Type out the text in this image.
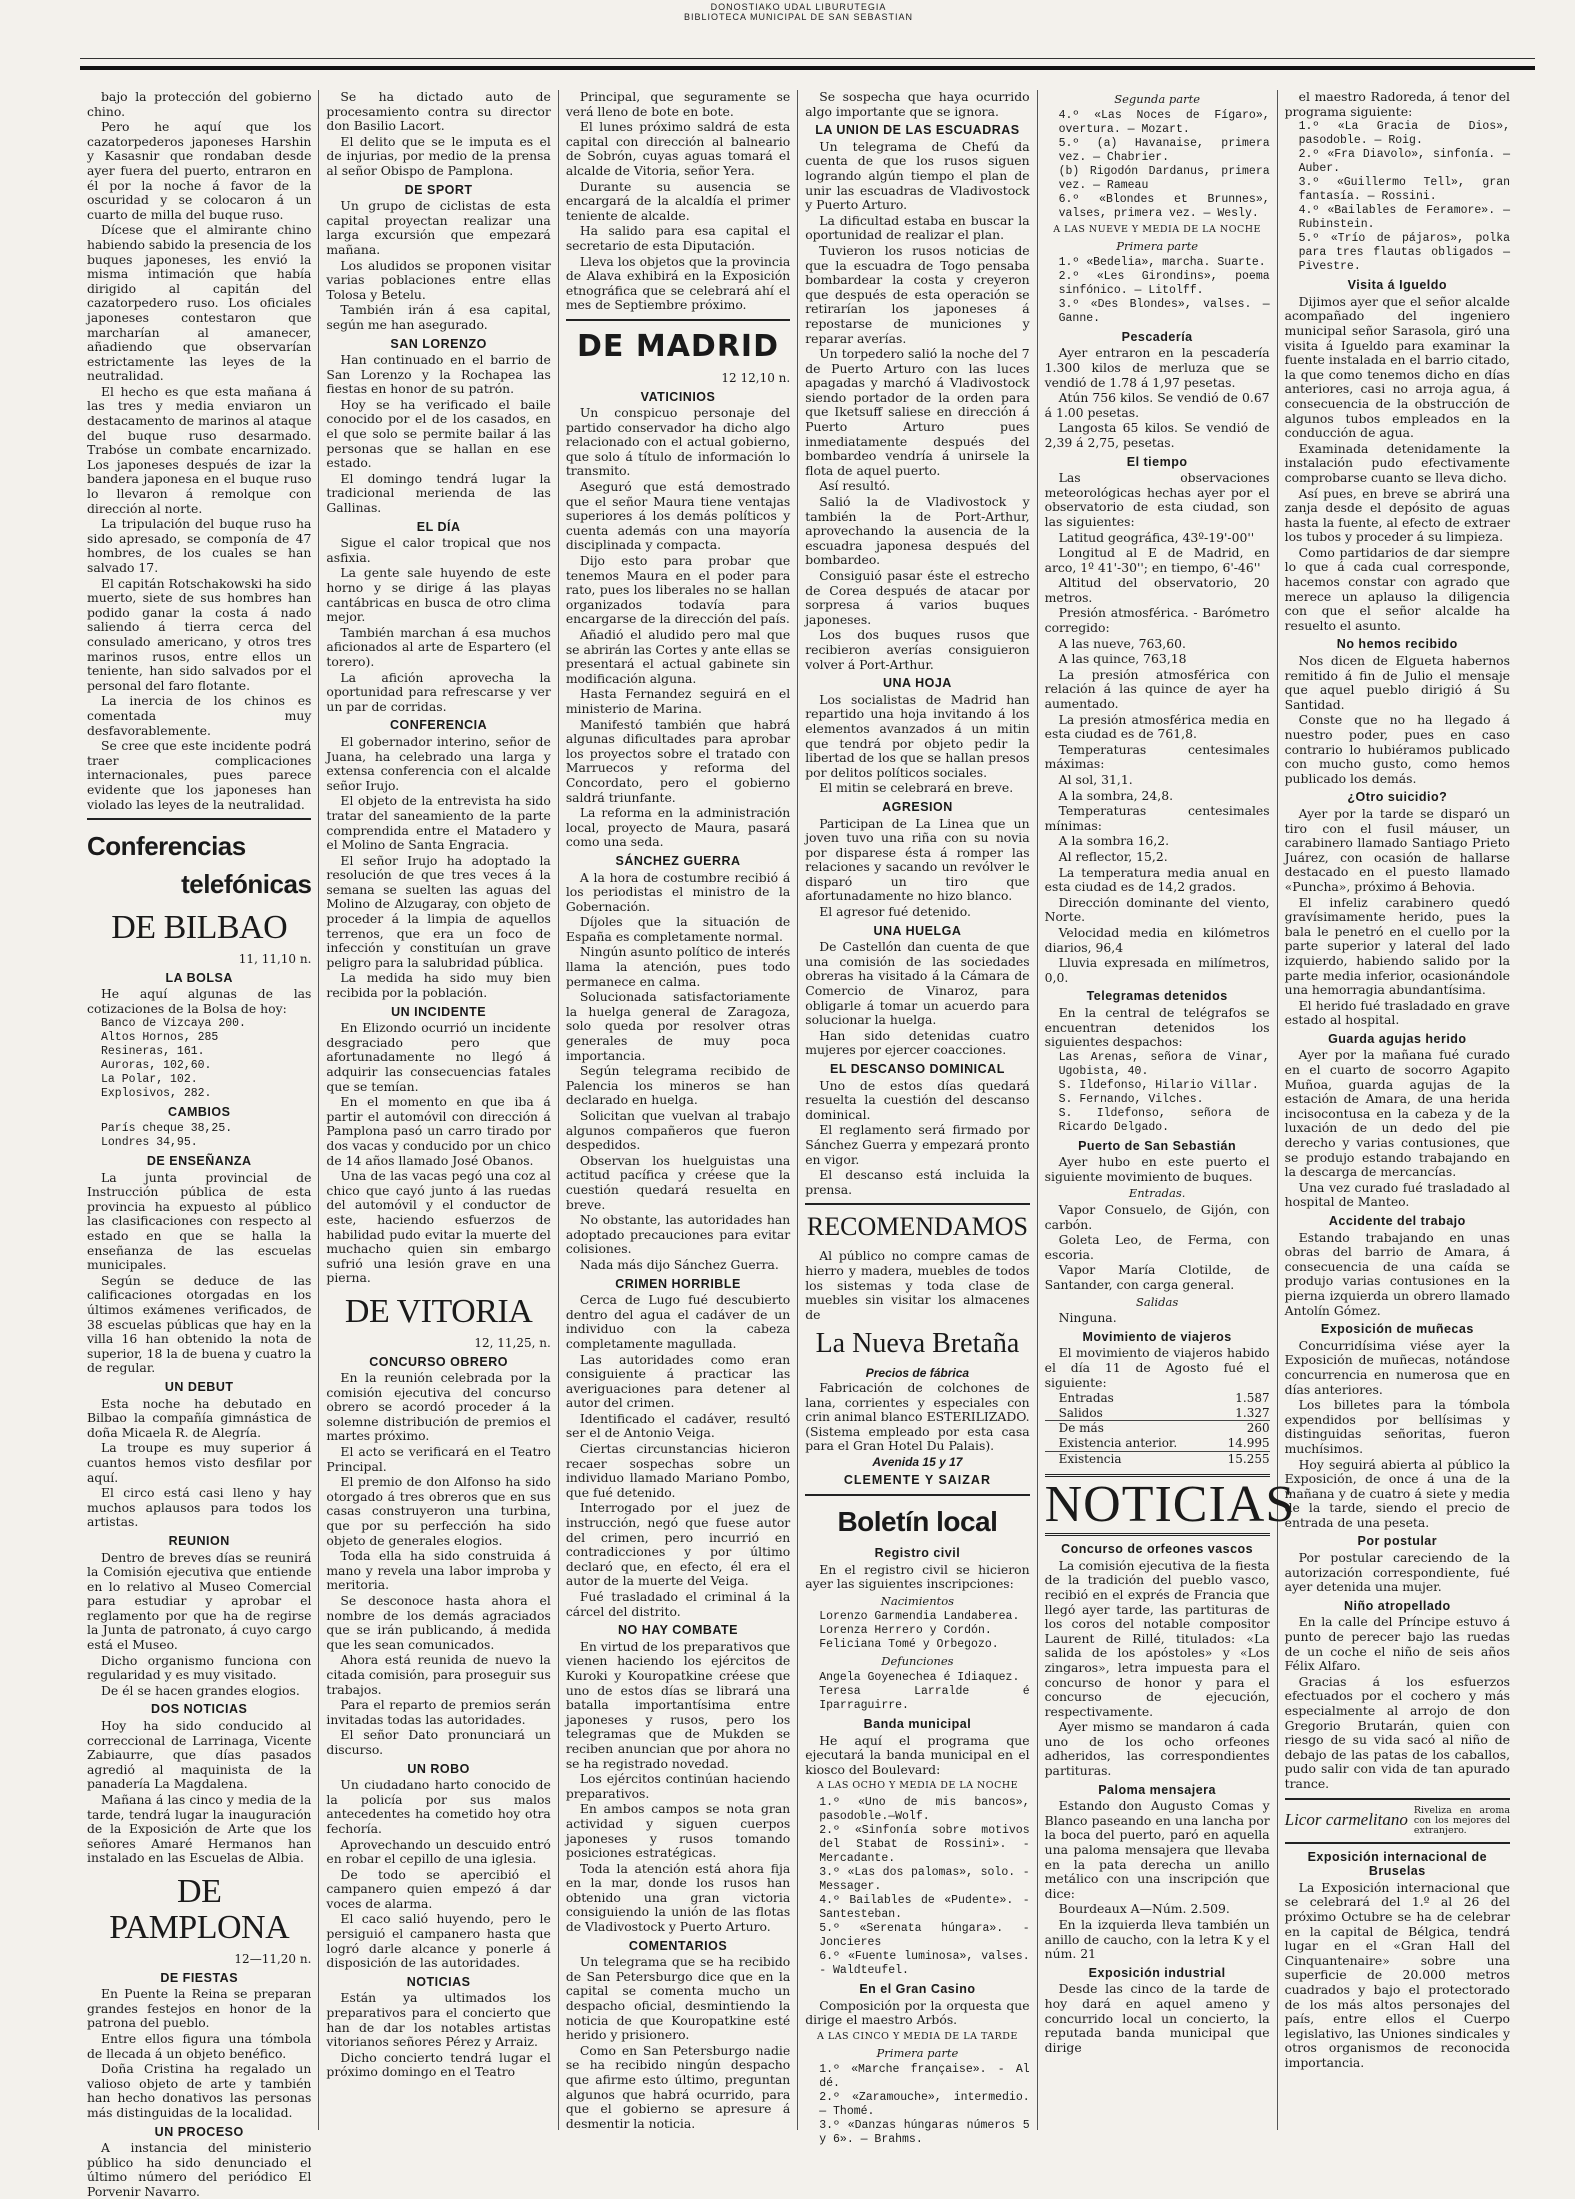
DONOSTIAKO UDAL LIBURUTEGIA
BIBLIOTECA MUNICIPAL DE SAN SEBASTIAN

bajo la protección del gobierno chino.

Pero he aquí que los cazatorpederos japoneses Harshin y Kasasnir que rondaban desde ayer fuera del puerto, entraron en él por la noche á favor de la oscuridad y se colocaron á un cuarto de milla del buque ruso.

Dícese que el almirante chino habiendo sabido la presencia de los buques japoneses, les envió la misma intimación que había dirigido al capitán del cazatorpedero ruso. Los oficiales japoneses contestaron que marcharían al amanecer, añadiendo que observarían estrictamente las leyes de la neutralidad.

El hecho es que esta mañana á las tres y media enviaron un destacamento de marinos al ataque del buque ruso desarmado. Trabóse un combate encarnizado. Los japoneses después de izar la bandera japonesa en el buque ruso lo llevaron á remolque con dirección al norte.

La tripulación del buque ruso ha sido apresado, se componía de 47 hombres, de los cuales se han salvado 17.

El capitán Rotschakowski ha sido muerto, siete de sus hombres han podido ganar la costa á nado saliendo á tierra cerca del consulado americano, y otros tres marinos rusos, entre ellos un teniente, han sido salvados por el personal del faro flotante.

La inercia de los chinos es comentada muy desfavorablemente.

Se cree que este incidente podrá traer complicaciones internacionales, pues parece evidente que los japoneses han violado las leyes de la neutralidad.

Conferencias
telefónicas
DE BILBAO
11, 11,10 n.
LA BOLSA

He aquí algunas de las cotizaciones de la Bolsa de hoy:

Banco de Vizcaya 200.
Altos Hornos, 285
Resineras, 161.
Auroras, 102,60.
La Polar, 102.
Explosivos, 282.
CAMBIOS
París cheque 38,25.
Londres 34,95.
DE ENSEÑANZA

La junta provincial de Instrucción pública de esta provincia ha expuesto al público las clasificaciones con respecto al estado en que se halla la enseñanza de las escuelas municipales.

Según se deduce de las calificaciones otorgadas en los últimos exámenes verificados, de 38 escuelas públicas que hay en la villa 16 han obtenido la nota de superior, 18 la de buena y cuatro la de regular.

UN DEBUT

Esta noche ha debutado en Bilbao la compañía gimnástica de doña Micaela R. de Alegría.

La troupe es muy superior á cuantos hemos visto desfilar por aquí.

El circo está casi lleno y hay muchos aplausos para todos los artistas.

REUNION

Dentro de breves días se reunirá la Comisión ejecutiva que entiende en lo relativo al Museo Comercial para estudiar y aprobar el reglamento por que ha de regirse la Junta de patronato, á cuyo cargo está el Museo.

Dicho organismo funciona con regularidad y es muy visitado.

De él se hacen grandes elogios.

DOS NOTICIAS

Hoy ha sido conducido al correccional de Larrinaga, Vicente Zabiaurre, que días pasados agredió al maquinista de la panadería La Magdalena.

Mañana á las cinco y media de la tarde, tendrá lugar la inauguración de la Exposición de Arte que los señores Amaré Hermanos han instalado en las Escuelas de Albia.

DE PAMPLONA
12—11,20 n.
DE FIESTAS

En Puente la Reina se preparan grandes festejos en honor de la patrona del pueblo.

Entre ellos figura una tómbola de llecada á un objeto benéfico.

Doña Cristina ha regalado un valioso objeto de arte y también han hecho donativos las personas más distinguidas de la localidad.

UN PROCESO

A instancia del ministerio público ha sido denunciado el último número del periódico El Porvenir Navarro.

Se ha dictado auto de procesamiento contra su director don Basilio Lacort.

El delito que se le imputa es el de injurias, por medio de la prensa al señor Obispo de Pamplona.

DE SPORT

Un grupo de ciclistas de esta capital proyectan realizar una larga excursión que empezará mañana.

Los aludidos se proponen visitar varias poblaciones entre ellas Tolosa y Betelu.

También irán á esa capital, según me han asegurado.

SAN LORENZO

Han continuado en el barrio de San Lorenzo y la Rochapea las fiestas en honor de su patrón.

Hoy se ha verificado el baile conocido por el de los casados, en el que solo se permite bailar á las personas que se hallan en ese estado.

El domingo tendrá lugar la tradicional merienda de las Gallinas.

EL DÍA

Sigue el calor tropical que nos asfixia.

La gente sale huyendo de este horno y se dirige á las playas cantábricas en busca de otro clima mejor.

También marchan á esa muchos aficionados al arte de Espartero (el torero).

La afición aprovecha la oportunidad para refrescarse y ver un par de corridas.

CONFERENCIA

El gobernador interino, señor de Juana, ha celebrado una larga y extensa conferencia con el alcalde señor Irujo.

El objeto de la entrevista ha sido tratar del saneamiento de la parte comprendida entre el Matadero y el Molino de Santa Engracia.

El señor Irujo ha adoptado la resolución de que tres veces á la semana se suelten las aguas del Molino de Alzugaray, con objeto de proceder á la limpia de aquellos terrenos, que era un foco de infección y constituían un grave peligro para la salubridad pública.

La medida ha sido muy bien recibida por la población.

UN INCIDENTE

En Elizondo ocurrió un incidente desgraciado pero que afortunadamente no llegó á adquirir las consecuencias fatales que se temían.

En el momento en que iba á partir el automóvil con dirección á Pamplona pasó un carro tirado por dos vacas y conducido por un chico de 14 años llamado José Obanos.

Una de las vacas pegó una coz al chico que cayó junto á las ruedas del automóvil y el conductor de este, haciendo esfuerzos de habilidad pudo evitar la muerte del muchacho quien sin embargo sufrió una lesión grave en una pierna.

DE VITORIA
12, 11,25, n.
CONCURSO OBRERO

En la reunión celebrada por la comisión ejecutiva del concurso obrero se acordó proceder á la solemne distribución de premios el martes próximo.

El acto se verificará en el Teatro Principal.

El premio de don Alfonso ha sido otorgado á tres obreros que en sus casas construyeron una turbina, que por su perfección ha sido objeto de generales elogios.

Toda ella ha sido construida á mano y revela una labor improba y meritoria.

Se desconoce hasta ahora el nombre de los demás agraciados que se irán publicando, á medida que les sean comunicados.

Ahora está reunida de nuevo la citada comisión, para proseguir sus trabajos.

Para el reparto de premios serán invitadas todas las autoridades.

El señor Dato pronunciará un discurso.

UN ROBO

Un ciudadano harto conocido de la policía por sus malos antecedentes ha cometido hoy otra fechoría.

Aprovechando un descuido entró en robar el cepillo de una iglesia.

De todo se apercibió el campanero quien empezó á dar voces de alarma.

El caco salió huyendo, pero le persiguió el campanero hasta que logró darle alcance y ponerle á disposición de las autoridades.

NOTICIAS

Están ya ultimados los preparativos para el concierto que han de dar los notables artistas vitorianos señores Pérez y Arraiz.

Dicho concierto tendrá lugar el próximo domingo en el Teatro

Principal, que seguramente se verá lleno de bote en bote.

El lunes próximo saldrá de esta capital con dirección al balneario de Sobrón, cuyas aguas tomará el alcalde de Vitoria, señor Yera.

Durante su ausencia se encargará de la alcaldía el primer teniente de alcalde.

Ha salido para esa capital el secretario de esta Diputación.

Lleva los objetos que la provincia de Alava exhibirá en la Exposición etnográfica que se celebrará ahí el mes de Septiembre próximo.

DE MADRID
12 12,10 n.
VATICINIOS

Un conspicuo personaje del partido conservador ha dicho algo relacionado con el actual gobierno, que solo á título de información lo transmito.

Aseguró que está demostrado que el señor Maura tiene ventajas superiores á los demás políticos y cuenta además con una mayoría disciplinada y compacta.

Dijo esto para probar que tenemos Maura en el poder para rato, pues los liberales no se hallan organizados todavía para encargarse de la dirección del país.

Añadió el aludido pero mal que se abrirán las Cortes y ante ellas se presentará el actual gabinete sin modificación alguna.

Hasta Fernandez seguirá en el ministerio de Marina.

Manifestó también que habrá algunas dificultades para aprobar los proyectos sobre el tratado con Marruecos y reforma del Concordato, pero el gobierno saldrá triunfante.

La reforma en la administración local, proyecto de Maura, pasará como una seda.

SÁNCHEZ GUERRA

A la hora de costumbre recibió á los periodistas el ministro de la Gobernación.

Díjoles que la situación de España es completamente normal.

Ningún asunto político de interés llama la atención, pues todo permanece en calma.

Solucionada satisfactoriamente la huelga general de Zaragoza, solo queda por resolver otras generales de muy poca importancia.

Según telegrama recibido de Palencia los mineros se han declarado en huelga.

Solicitan que vuelvan al trabajo algunos compañeros que fueron despedidos.

Observan los huelguistas una actitud pacífica y créese que la cuestión quedará resuelta en breve.

No obstante, las autoridades han adoptado precauciones para evitar colisiones.

Nada más dijo Sánchez Guerra.

CRIMEN HORRIBLE

Cerca de Lugo fué descubierto dentro del agua el cadáver de un individuo con la cabeza completamente magullada.

Las autoridades como eran consiguiente á practicar las averiguaciones para detener al autor del crimen.

Identificado el cadáver, resultó ser el de Antonio Veiga.

Ciertas circunstancias hicieron recaer sospechas sobre un individuo llamado Mariano Pombo, que fué detenido.

Interrogado por el juez de instrucción, negó que fuese autor del crimen, pero incurrió en contradicciones y por último declaró que, en efecto, él era el autor de la muerte del Veiga.

Fué trasladado el criminal á la cárcel del distrito.

NO HAY COMBATE

En virtud de los preparativos que vienen haciendo los ejércitos de Kuroki y Kouropatkine créese que uno de estos días se librará una batalla importantísima entre japoneses y rusos, pero los telegramas que de Mukden se reciben anuncian que por ahora no se ha registrado novedad.

Los ejércitos continúan haciendo preparativos.

En ambos campos se nota gran actividad y siguen cuerpos japoneses y rusos tomando posiciones estratégicas.

Toda la atención está ahora fija en la mar, donde los rusos han obtenido una gran victoria consiguiendo la unión de las flotas de Vladivostock y Puerto Arturo.

COMENTARIOS

Un telegrama que se ha recibido de San Petersburgo dice que en la capital se comenta mucho un despacho oficial, desmintiendo la noticia de que Kouropatkine esté herido y prisionero.

Como en San Petersburgo nadie se ha recibido ningún despacho que afirme esto último, preguntan algunos que habrá ocurrido, para que el gobierno se apresure á desmentir la noticia.

Se sospecha que haya ocurrido algo importante que se ignora.

LA UNION DE LAS ESCUADRAS

Un telegrama de Chefú da cuenta de que los rusos siguen logrando algún tiempo el plan de unir las escuadras de Vladivostock y Puerto Arturo.

La dificultad estaba en buscar la oportunidad de realizar el plan.

Tuvieron los rusos noticias de que la escuadra de Togo pensaba bombardear la costa y creyeron que después de esta operación se retirarían los japoneses á repostarse de municiones y reparar averías.

Un torpedero salió la noche del 7 de Puerto Arturo con las luces apagadas y marchó á Vladivostock siendo portador de la orden para que Iketsuff saliese en dirección á Puerto Arturo pues inmediatamente después del bombardeo vendría á unirsele la flota de aquel puerto.

Así resultó.

Salió la de Vladivostock y también la de Port-Arthur, aprovechando la ausencia de la escuadra japonesa después del bombardeo.

Consiguió pasar éste el estrecho de Corea después de atacar por sorpresa á varios buques japoneses.

Los dos buques rusos que recibieron averías consiguieron volver á Port-Arthur.

UNA HOJA

Los socialistas de Madrid han repartido una hoja invitando á los elementos avanzados á un mitin que tendrá por objeto pedir la libertad de los que se hallan presos por delitos políticos sociales.

El mitin se celebrará en breve.

AGRESION

Participan de La Linea que un joven tuvo una riña con su novia por disparese ésta á romper las relaciones y sacando un revólver le disparó un tiro que afortunadamente no hizo blanco.

El agresor fué detenido.

UNA HUELGA

De Castellón dan cuenta de que una comisión de las sociedades obreras ha visitado á la Cámara de Comercio de Vinaroz, para obligarle á tomar un acuerdo para solucionar la huelga.

Han sido detenidas cuatro mujeres por ejercer coacciones.

EL DESCANSO DOMINICAL

Uno de estos días quedará resuelta la cuestión del descanso dominical.

El reglamento será firmado por Sánchez Guerra y empezará pronto en vigor.

El descanso está incluida la prensa.

RECOMENDAMOS

Al público no compre camas de hierro y madera, muebles de todos los sistemas y toda clase de muebles sin visitar los almacenes de

La Nueva Bretaña
Precios de fábrica

Fabricación de colchones de lana, corrientes y especiales con crin animal blanco ESTERILIZADO. (Sistema empleado por esta casa para el Gran Hotel Du Palais).

Avenida 15 y 17
CLEMENTE Y SAIZAR
Boletín local
Registro civil

En el registro civil se hicieron ayer las siguientes inscripciones:

Nacimientos
Lorenzo Garmendia Landaberea.
Lorenza Herrero y Cordón.
Feliciana Tomé y Orbegozo.
Defunciones
Angela Goyenechea é Idiaquez.
Teresa Larralde é Iparraguirre.
Banda municipal

He aquí el programa que ejecutará la banda municipal en el kiosco del Boulevard:

A LAS OCHO Y MEDIA DE LA NOCHE
1.º «Uno de mis bancos», pasodoble.—Wolf.
2.º «Sinfonía sobre motivos del Stabat de Rossini». - Mercadante.
3.º «Las dos palomas», solo. - Messager.
4.º Bailables de «Pudente». - Santesteban.
5.º «Serenata húngara». - Joncieres
6.º «Fuente luminosa», valses. - Waldteufel.
En el Gran Casino

Composición por la orquesta que dirige el maestro Arbós.

A LAS CINCO Y MEDIA DE LA TARDE
Primera parte
1.º «Marche française». - Al dé.
2.º «Zaramouche», intermedio. — Thomé.
3.º «Danzas húngaras números 5 y 6». — Brahms.
Segunda parte
4.º «Las Noces de Fígaro», overtura. — Mozart.
5.º (a) Havanaise, primera vez. — Chabrier.
(b) Rigodón Dardanus, primera vez. — Rameau
6.º «Blondes et Brunnes», valses, primera vez. — Wesly.
A LAS NUEVE Y MEDIA DE LA NOCHE
Primera parte
1.º «Bedelia», marcha. Suarte.
2.º «Les Girondins», poema sinfónico. — Litolff.
3.º «Des Blondes», valses. — Ganne.
Pescadería

Ayer entraron en la pescadería 1.300 kilos de merluza que se vendió de 1.78 á 1,97 pesetas.

Atún 756 kilos. Se vendió de 0.67 á 1.00 pesetas.

Langosta 65 kilos. Se vendió de 2,39 á 2,75, pesetas.

El tiempo

Las observaciones meteorológicas hechas ayer por el observatorio de esta ciudad, son las siguientes:

Latitud geográfica, 43º-19'-00''

Longitud al E de Madrid, en arco, 1º 41'-30''; en tiempo, 6'-46''

Altitud del observatorio, 20 metros.

Presión atmosférica. - Barómetro corregido:

A las nueve, 763,60.

A las quince, 763,18

La presión atmosférica con relación á las quince de ayer ha aumentado.

La presión atmosférica media en esta ciudad es de 761,8.

Temperaturas centesimales máximas:

Al sol, 31,1.

A la sombra, 24,8.

Temperaturas centesimales mínimas:

A la sombra 16,2.

Al reflector, 15,2.

La temperatura media anual en esta ciudad es de 14,2 grados.

Dirección dominante del viento, Norte.

Velocidad media en kilómetros diarios, 96,4

Lluvia expresada en milímetros, 0,0.

Telegramas detenidos

En la central de telégrafos se encuentran detenidos los siguientes despachos:

Las Arenas, señora de Vinar, Ugobista, 40.
S. Ildefonso, Hilario Villar.
S. Fernando, Vilches.
S. Ildefonso, señora de Ricardo Delgado.
Puerto de San Sebastián

Ayer hubo en este puerto el siguiente movimiento de buques.

Entradas.

Vapor Consuelo, de Gijón, con carbón.

Goleta Leo, de Ferma, con escoria.

Vapor María Clotilde, de Santander, con carga general.

Salidas

Ninguna.

Movimiento de viajeros

El movimiento de viajeros habido el día 11 de Agosto fué el siguiente:

Entradas	1.587
Salidos	1.327
De más	260
Existencia anterior.	14.995
Existencia	15.255
NOTICIAS
Concurso de orfeones vascos

La comisión ejecutiva de la fiesta de la tradición del pueblo vasco, recibió en el exprés de Francia que llegó ayer tarde, las partituras de los coros del notable compositor Laurent de Rillé, titulados: «La salida de los apóstoles» y «Los zingaros», letra impuesta para el concurso de honor y para el concurso de ejecución, respectivamente.

Ayer mismo se mandaron á cada uno de los ocho orfeones adheridos, las correspondientes partituras.

Paloma mensajera

Estando don Augusto Comas y Blanco paseando en una lancha por la boca del puerto, paró en aquella una paloma mensajera que llevaba en la pata derecha un anillo metálico con una inscripción que dice:

Bourdeaux A—Núm. 2.509.

En la izquierda lleva también un anillo de caucho, con la letra K y el núm. 21

Exposición industrial

Desde las cinco de la tarde de hoy dará en aquel ameno y concurrido local un concierto, la reputada banda municipal que dirige

el maestro Radoreda, á tenor del programa siguiente:

1.º «La Gracia de Dios», pasodoble. — Roig.
2.º «Fra Diavolo», sinfonía. — Auber.
3.º «Guillermo Tell», gran fantasía. — Rossini.
4.º «Bailables de Feramore». — Rubinstein.
5.º «Trío de pájaros», polka para tres flautas obligados — Pivestre.
Visita á Igueldo

Dijimos ayer que el señor alcalde acompañado del ingeniero municipal señor Sarasola, giró una visita á Igueldo para examinar la fuente instalada en el barrio citado, la que como tenemos dicho en días anteriores, casi no arroja agua, á consecuencia de la obstrucción de algunos tubos empleados en la conducción de agua.

Examinada detenidamente la instalación pudo efectivamente comprobarse cuanto se lleva dicho.

Así pues, en breve se abrirá una zanja desde el depósito de aguas hasta la fuente, al efecto de extraer los tubos y proceder á su limpieza.

Como partidarios de dar siempre lo que á cada cual corresponde, hacemos constar con agrado que merece un aplauso la diligencia con que el señor alcalde ha resuelto el asunto.

No hemos recibido

Nos dicen de Elgueta habernos remitido á fin de Julio el mensaje que aquel pueblo dirigió á Su Santidad.

Conste que no ha llegado á nuestro poder, pues en caso contrario lo hubiéramos publicado con mucho gusto, como hemos publicado los demás.

¿Otro suicidio?

Ayer por la tarde se disparó un tiro con el fusil máuser, un carabinero llamado Santiago Prieto Juárez, con ocasión de hallarse destacado en el puesto llamado «Puncha», próximo á Behovia.

El infeliz carabinero quedó gravísimamente herido, pues la bala le penetró en el cuello por la parte superior y lateral del lado izquierdo, habiendo salido por la parte media inferior, ocasionándole una hemorragia abundantísima.

El herido fué trasladado en grave estado al hospital.

Guarda agujas herido

Ayer por la mañana fué curado en el cuarto de socorro Agapito Muñoa, guarda agujas de la estación de Amara, de una herida incisocontusa en la cabeza y de la luxación de un dedo del pie derecho y varias contusiones, que se produjo estando trabajando en la descarga de mercancías.

Una vez curado fué trasladado al hospital de Manteo.

Accidente del trabajo

Estando trabajando en unas obras del barrio de Amara, á consecuencia de una caída se produjo varias contusiones en la pierna izquierda un obrero llamado Antolín Gómez.

Exposición de muñecas

Concurridísima viése ayer la Exposición de muñecas, notándose concurrencia en numerosa que en días anteriores.

Los billetes para la tómbola expendidos por bellísimas y distinguidas señoritas, fueron muchísimos.

Hoy seguirá abierta al público la Exposición, de once á una de la mañana y de cuatro á siete y media de la tarde, siendo el precio de entrada de una peseta.

Por postular

Por postular careciendo de la autorización correspondiente, fué ayer detenida una mujer.

Niño atropellado

En la calle del Príncipe estuvo á punto de perecer bajo las ruedas de un coche el niño de seis años Félix Alfaro.

Gracias á los esfuerzos efectuados por el cochero y más especialmente al arrojo de don Gregorio Brutarán, quien con riesgo de su vida sacó al niño de debajo de las patas de los caballos, pudo salir con vida de tan apurado trance.

Licor carmelitano
Riveliza en aroma con los mejores del extranjero.
Exposición internacional de Bruselas

La Exposición internacional que se celebrará del 1.º al 26 del próximo Octubre se ha de celebrar en la capital de Bélgica, tendrá lugar en el «Gran Hall del Cinquantenaire» sobre una superficie de 20.000 metros cuadrados y bajo el protectorado de los más altos personajes del país, entre ellos el Cuerpo legislativo, las Uniones sindicales y otros organismos de reconocida importancia.
